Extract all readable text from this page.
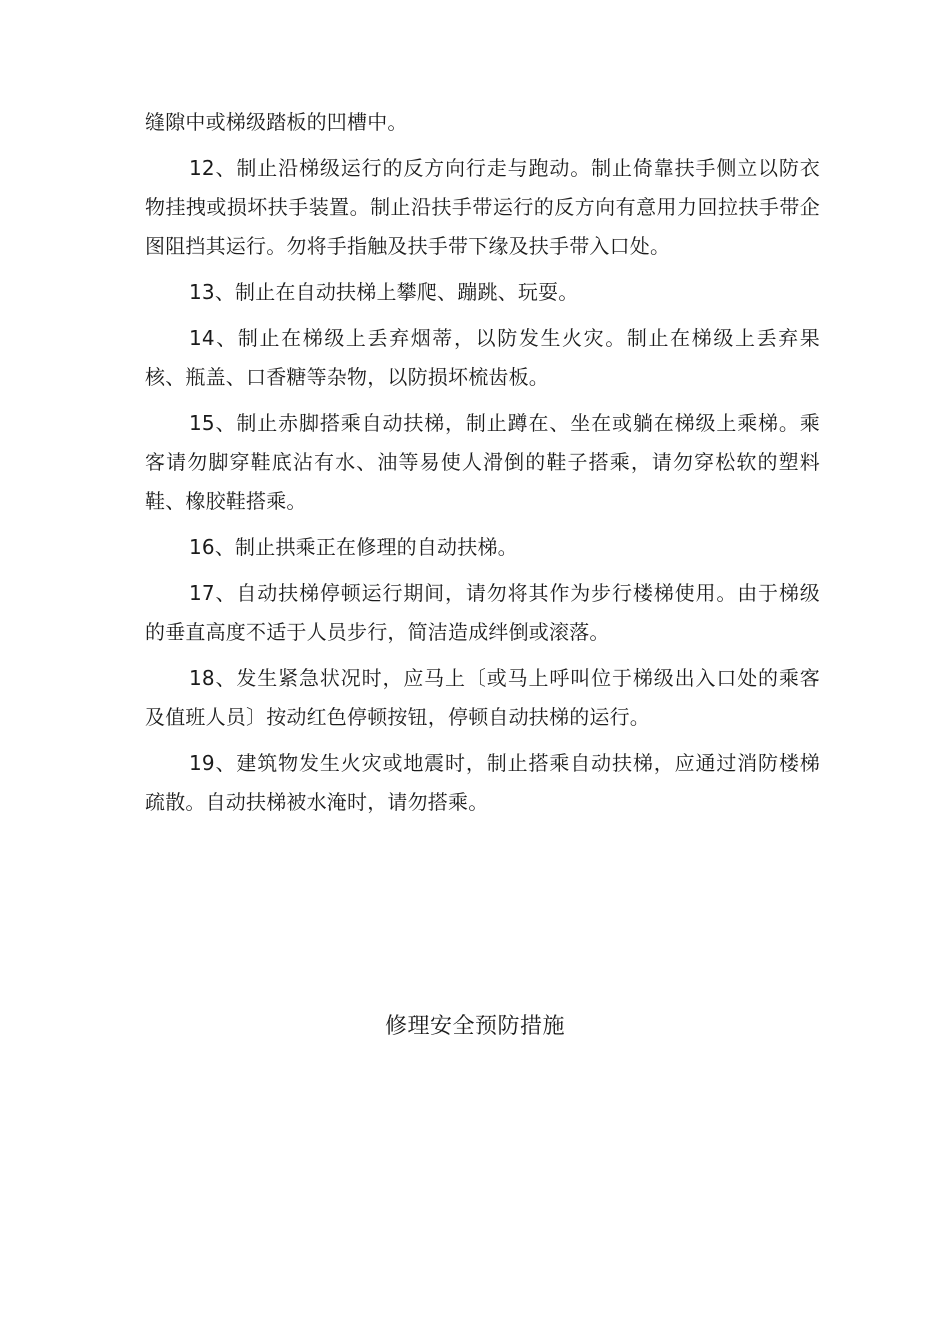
缝隙中或梯级踏板的凹槽中。

12、制止沿梯级运行的反方向行走与跑动。制止倚靠扶手侧立以防衣物挂拽或损坏扶手装置。制止沿扶手带运行的反方向有意用力回拉扶手带企图阻挡其运行。勿将手指触及扶手带下缘及扶手带入口处。

13、制止在自动扶梯上攀爬、蹦跳、玩耍。

14、制止在梯级上丢弃烟蒂，以防发生火灾。制止在梯级上丢弃果核、瓶盖、口香糖等杂物，以防损坏梳齿板。

15、制止赤脚搭乘自动扶梯，制止蹲在、坐在或躺在梯级上乘梯。乘客请勿脚穿鞋底沾有水、油等易使人滑倒的鞋子搭乘，请勿穿松软的塑料鞋、橡胶鞋搭乘。

16、制止拱乘正在修理的自动扶梯。

17、自动扶梯停顿运行期间，请勿将其作为步行楼梯使用。由于梯级的垂直高度不适于人员步行，简洁造成绊倒或滚落。

18、发生紧急状况时，应马上〔或马上呼叫位于梯级出入口处的乘客及值班人员〕按动红色停顿按钮，停顿自动扶梯的运行。

19、建筑物发生火灾或地震时，制止搭乘自动扶梯，应通过消防楼梯疏散。自动扶梯被水淹时，请勿搭乘。

修理安全预防措施
